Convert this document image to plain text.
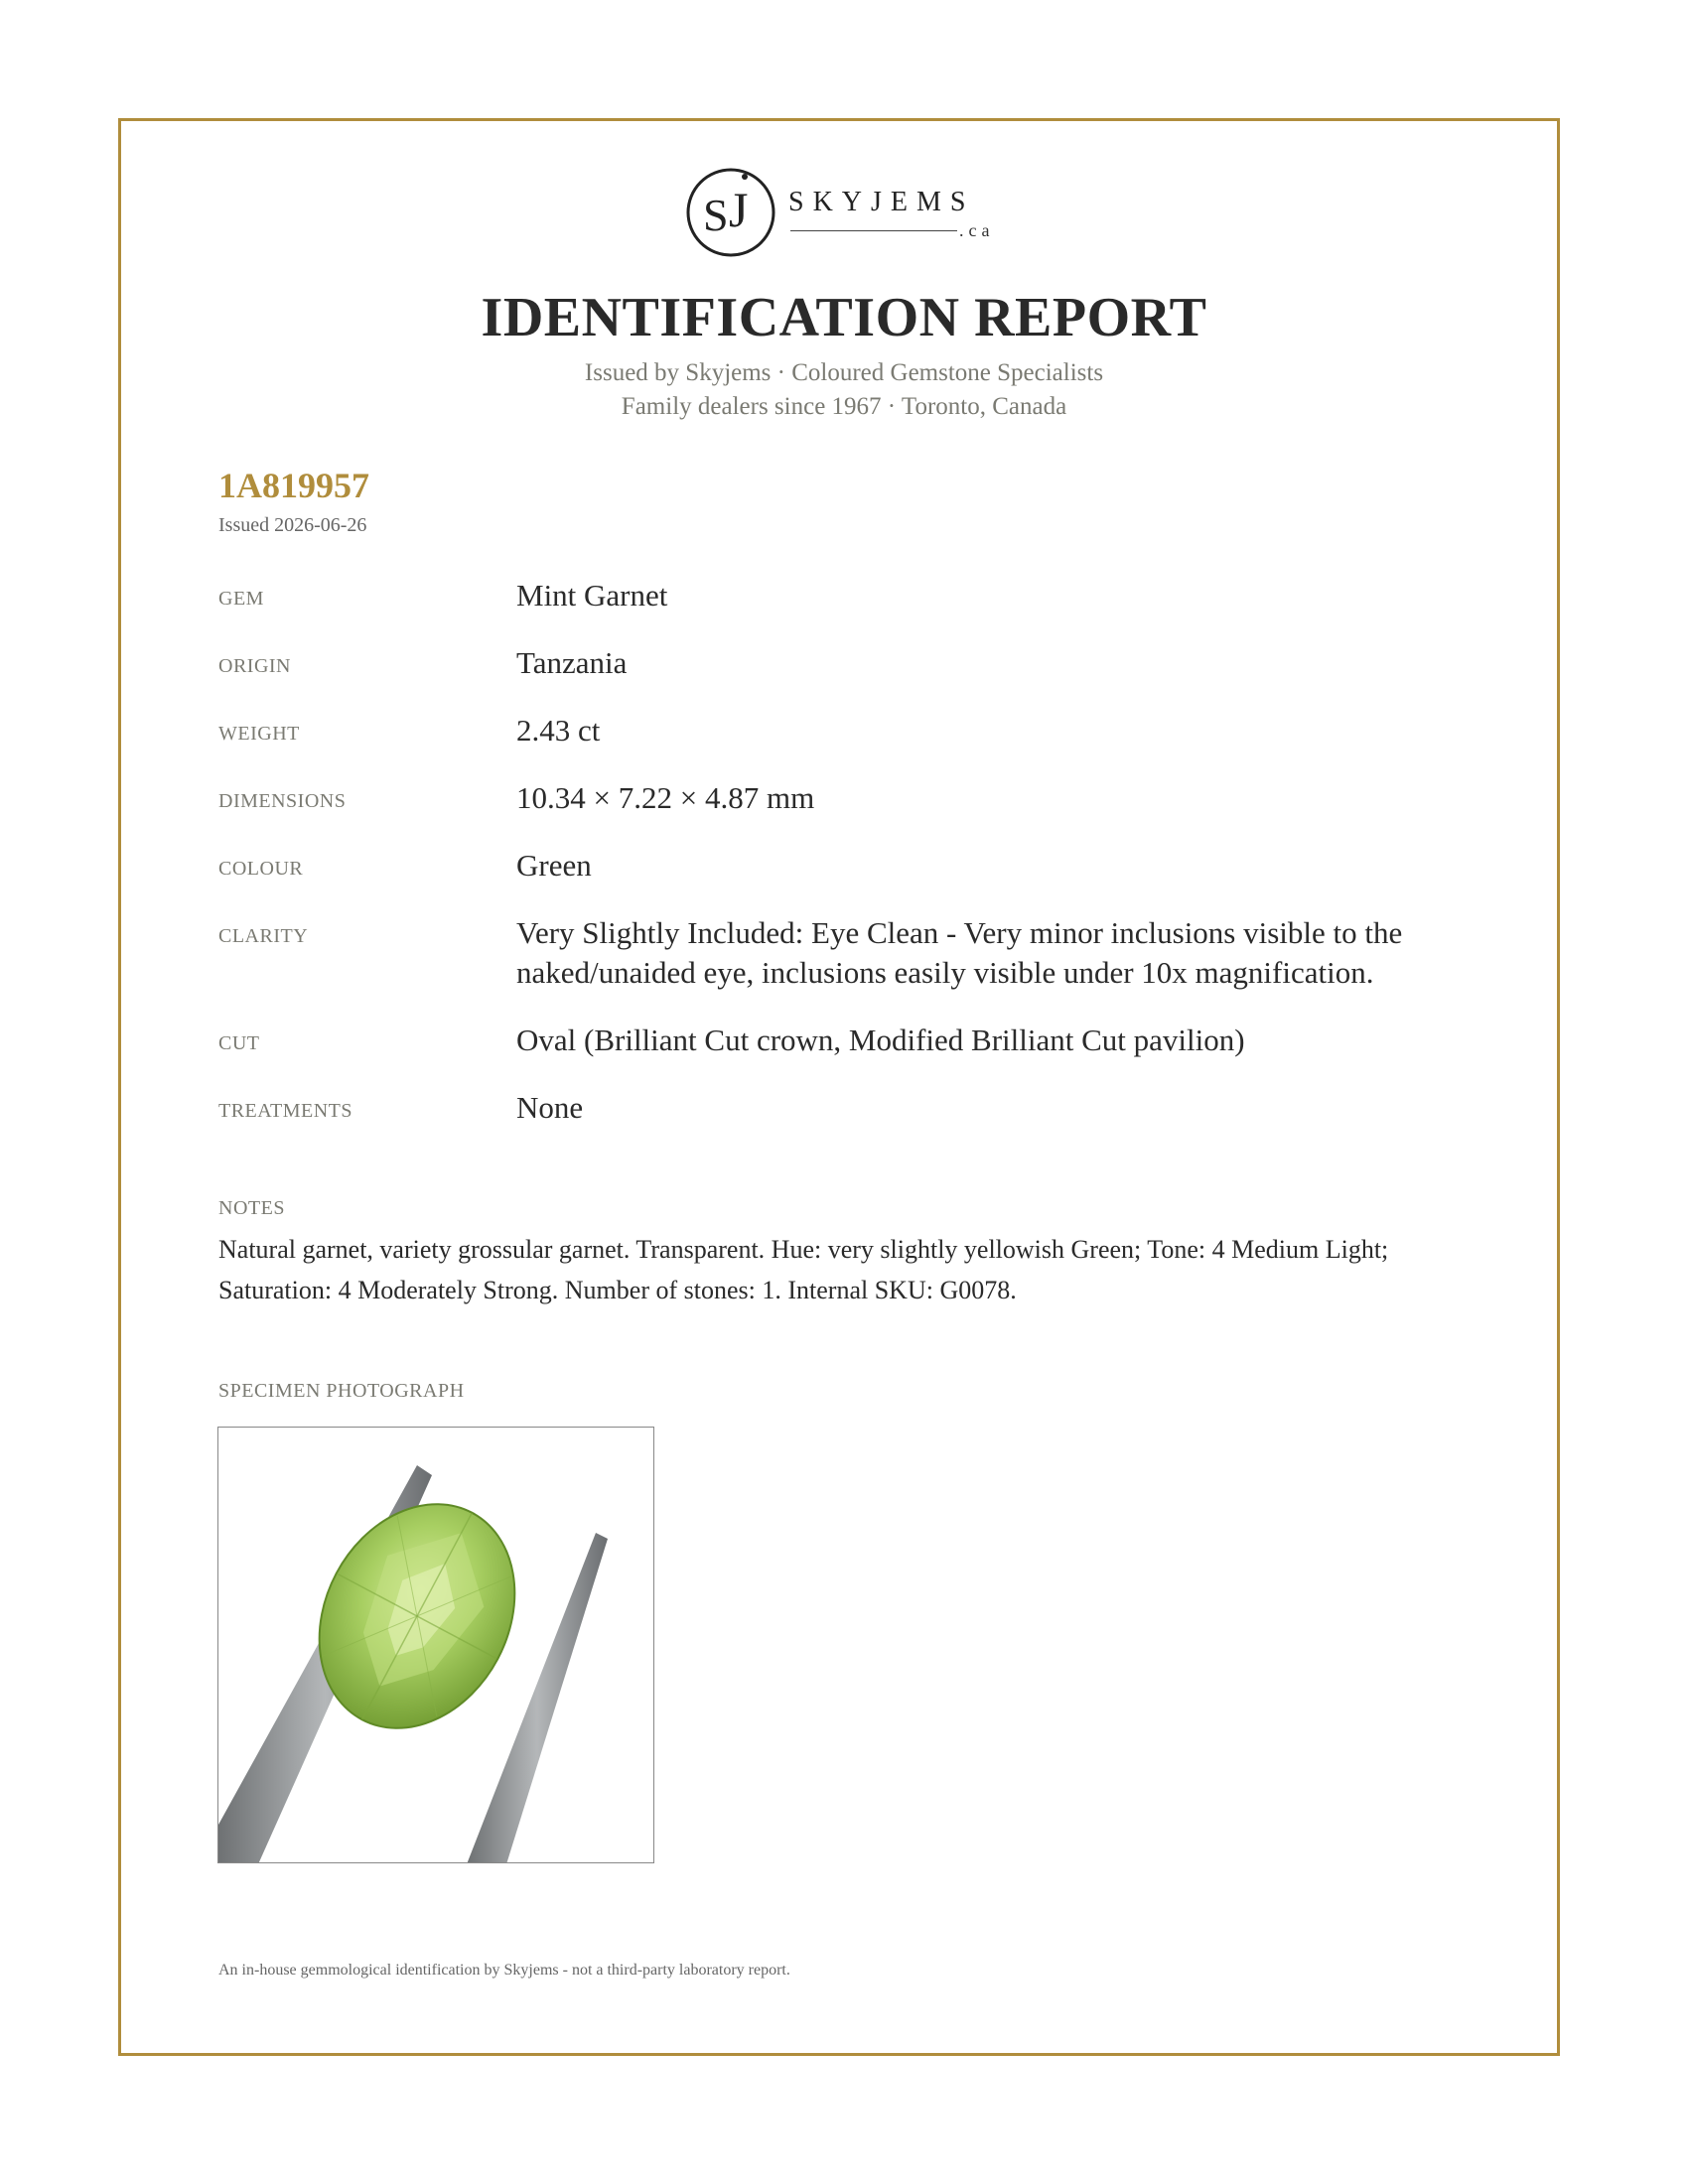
S J SKYJEMS
.ca
IDENTIFICATION REPORT
Issued by Skyjems · Coloured Gemstone Specialists
Family dealers since 1967 · Toronto, Canada
1A819957
Issued 2026-06-26
GEM	Mint Garnet
ORIGIN	Tanzania
WEIGHT	2.43 ct
DIMENSIONS	10.34 × 7.22 × 4.87 mm
COLOUR	Green
CLARITY	Very Slightly Included: Eye Clean - Very minor inclusions visible to the naked/unaided eye, inclusions easily visible under 10x magnification.
CUT	Oval (Brilliant Cut crown, Modified Brilliant Cut pavilion)
TREATMENTS	None
NOTES
Natural garnet, variety grossular garnet. Transparent. Hue: very slightly yellowish Green; Tone: 4 Medium Light; Saturation: 4 Moderately Strong. Number of stones: 1. Internal SKU: G0078.
SPECIMEN PHOTOGRAPH
An in-house gemmological identification by Skyjems - not a third-party laboratory report.
